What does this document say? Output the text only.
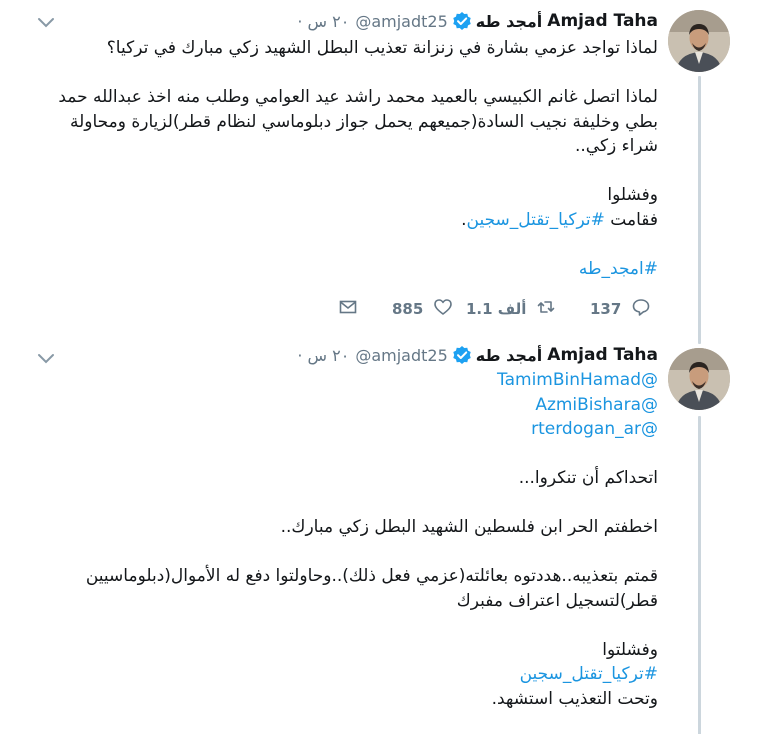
٢٠ س · @amjadt25 أمجد طه Amjad Taha
لماذا تواجد عزمي بشارة في زنزانة تعذيب البطل الشهيد زكي مبارك في تركيا؟
لماذا اتصل غانم الكبيسي بالعميد محمد راشد عيد العوامي وطلب منه اخذ عبدالله حمد
بطي وخليفة نجيب السادة(جميعهم يحمل جواز دبلوماسي لنظام قطر)لزيارة ومحاولة
شراء زكي..
وفشلوا
فقامت #تركيا_تقتل_سجين.
#امجد_طه
137
1.1 ألف
885
٢٠ س · @amjadt25 أمجد طه Amjad Taha
@TamimBinHamad
@AzmiBishara
@rterdogan_ar
اتحداكم أن تنكروا...
اخطفتم الحر ابن فلسطين الشهيد البطل زكي مبارك..
قمتم بتعذيبه..هددتوه بعائلته(عزمي فعل ذلك)..وحاولتوا دفع له الأموال(دبلوماسيين
قطر)لتسجيل اعتراف مفبرك
وفشلتوا
#تركيا_تقتل_سجين
وتحت التعذيب استشهد.
